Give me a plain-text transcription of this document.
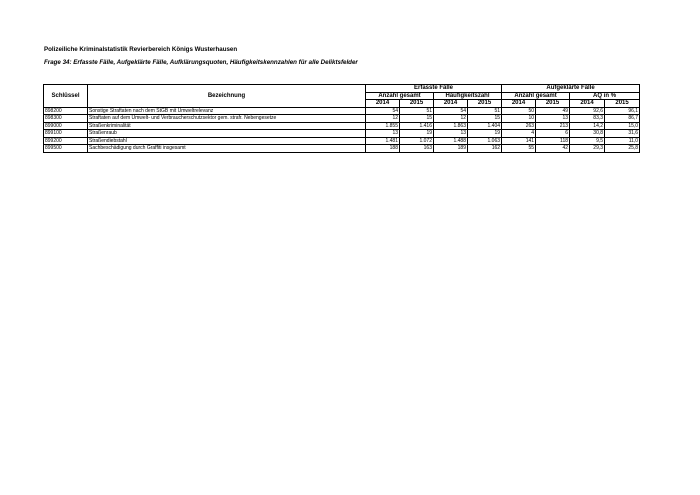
Polizeiliche Kriminalstatistik Revierbereich Königs Wusterhausen
Frage 34: Erfasste Fälle, Aufgeklärte Fälle, Aufklärungsquoten, Häufigkeitskennzahlen für alle Deliktsfelder
Schlüssel	Bezeichnung	Erfasste Fälle				Aufgeklärte Fälle			
		Anzahl gesamt		Häufigkeitszahl		Anzahl gesamt		AQ in %	
		2014	2015	2014	2015	2014	2015	2014	2015
898200	Sonstige Straftaten nach dem StGB mit Umweltrelevanz	54	51	54	51	50	49	92,6	96,1
898300	Straftaten auf dem Umwelt- und Verbraucherschutzsektor gem. strafr. Nebengesetze	12	15	12	15	10	13	83,3	86,7
899000	Straßenkriminalität	1.855	1.416	1.863	1.404	263	213	14,2	15,0
899100	Straßenraub	13	19	13	19	4	6	30,8	31,6
899200	Straßendiebstahl	1.481	1.072	1.488	1.063	141	118	9,5	11,0
899500	Sachbeschädigung durch Graffiti insgesamt	188	163	189	162	55	42	29,3	25,8
